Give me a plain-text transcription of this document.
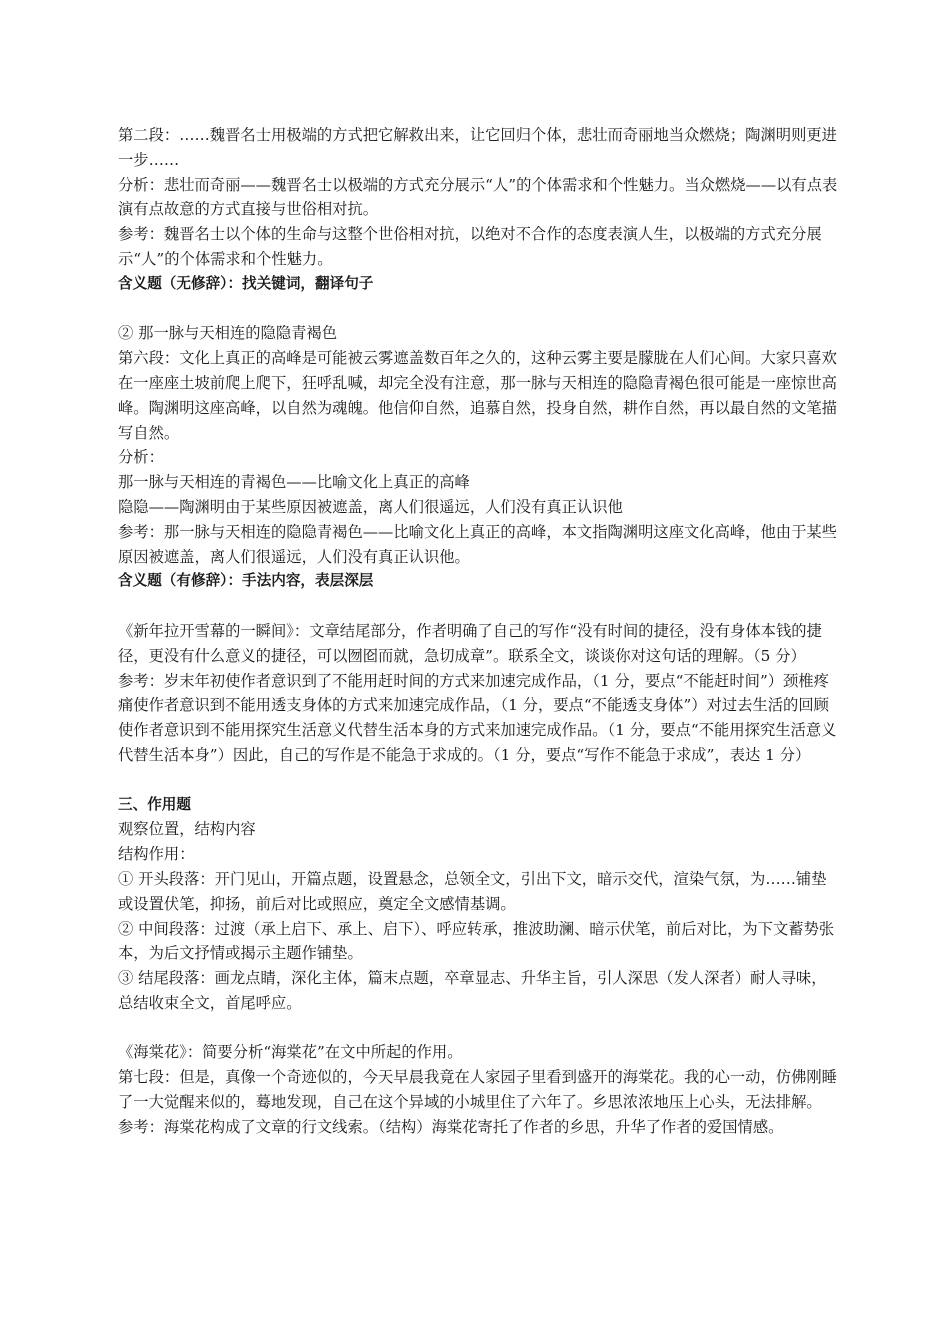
第二段：……魏晋名士用极端的方式把它解救出来，让它回归个体，悲壮而奇丽地当众燃烧；陶渊明则更进一步……

分析：悲壮而奇丽——魏晋名士以极端的方式充分展示“人”的个体需求和个性魅力。当众燃烧——以有点表演有点故意的方式直接与世俗相对抗。

参考：魏晋名士以个体的生命与这整个世俗相对抗，以绝对不合作的态度表演人生，以极端的方式充分展示“人”的个体需求和个性魅力。

含义题（无修辞）：找关键词，翻译句子

② 那一脉与天相连的隐隐青褐色

第六段：文化上真正的高峰是可能被云雾遮盖数百年之久的，这种云雾主要是朦胧在人们心间。大家只喜欢在一座座土坡前爬上爬下，狂呼乱喊，却完全没有注意，那一脉与天相连的隐隐青褐色很可能是一座惊世高峰。陶渊明这座高峰，以自然为魂魄。他信仰自然，追慕自然，投身自然，耕作自然，再以最自然的文笔描写自然。

分析：

那一脉与天相连的青褐色——比喻文化上真正的高峰

隐隐——陶渊明由于某些原因被遮盖，离人们很遥远，人们没有真正认识他

参考：那一脉与天相连的隐隐青褐色——比喻文化上真正的高峰，本文指陶渊明这座文化高峰，他由于某些原因被遮盖，离人们很遥远，人们没有真正认识他。

含义题（有修辞）：手法内容，表层深层

《新年拉开雪幕的一瞬间》：文章结尾部分，作者明确了自己的写作“没有时间的捷径，没有身体本钱的捷径，更没有什么意义的捷径，可以囫囵而就，急切成章”。联系全文，谈谈你对这句话的理解。（5 分）

参考：岁末年初使作者意识到了不能用赶时间的方式来加速完成作品，（1 分，要点“不能赶时间”）颈椎疼痛使作者意识到不能用透支身体的方式来加速完成作品，（1 分，要点“不能透支身体”）对过去生活的回顾使作者意识到不能用探究生活意义代替生活本身的方式来加速完成作品。（1 分，要点“不能用探究生活意义代替生活本身”）因此，自己的写作是不能急于求成的。（1 分，要点“写作不能急于求成”，表达 1 分）

三、作用题

观察位置，结构内容

结构作用：

① 开头段落：开门见山，开篇点题，设置悬念，总领全文，引出下文，暗示交代，渲染气氛，为……铺垫或设置伏笔，抑扬，前后对比或照应，奠定全文感情基调。

② 中间段落：过渡（承上启下、承上、启下）、呼应转承，推波助澜、暗示伏笔，前后对比，为下文蓄势张本，为后文抒情或揭示主题作铺垫。

③ 结尾段落：画龙点睛，深化主体，篇末点题，卒章显志、升华主旨，引人深思（发人深者）耐人寻味，总结收束全文，首尾呼应。

《海棠花》：简要分析“海棠花”在文中所起的作用。

第七段：但是，真像一个奇迹似的，今天早晨我竟在人家园子里看到盛开的海棠花。我的心一动，仿佛刚睡了一大觉醒来似的，蓦地发现，自己在这个异域的小城里住了六年了。乡思浓浓地压上心头，无法排解。

参考：海棠花构成了文章的行文线索。（结构）海棠花寄托了作者的乡思，升华了作者的爱国情感。
